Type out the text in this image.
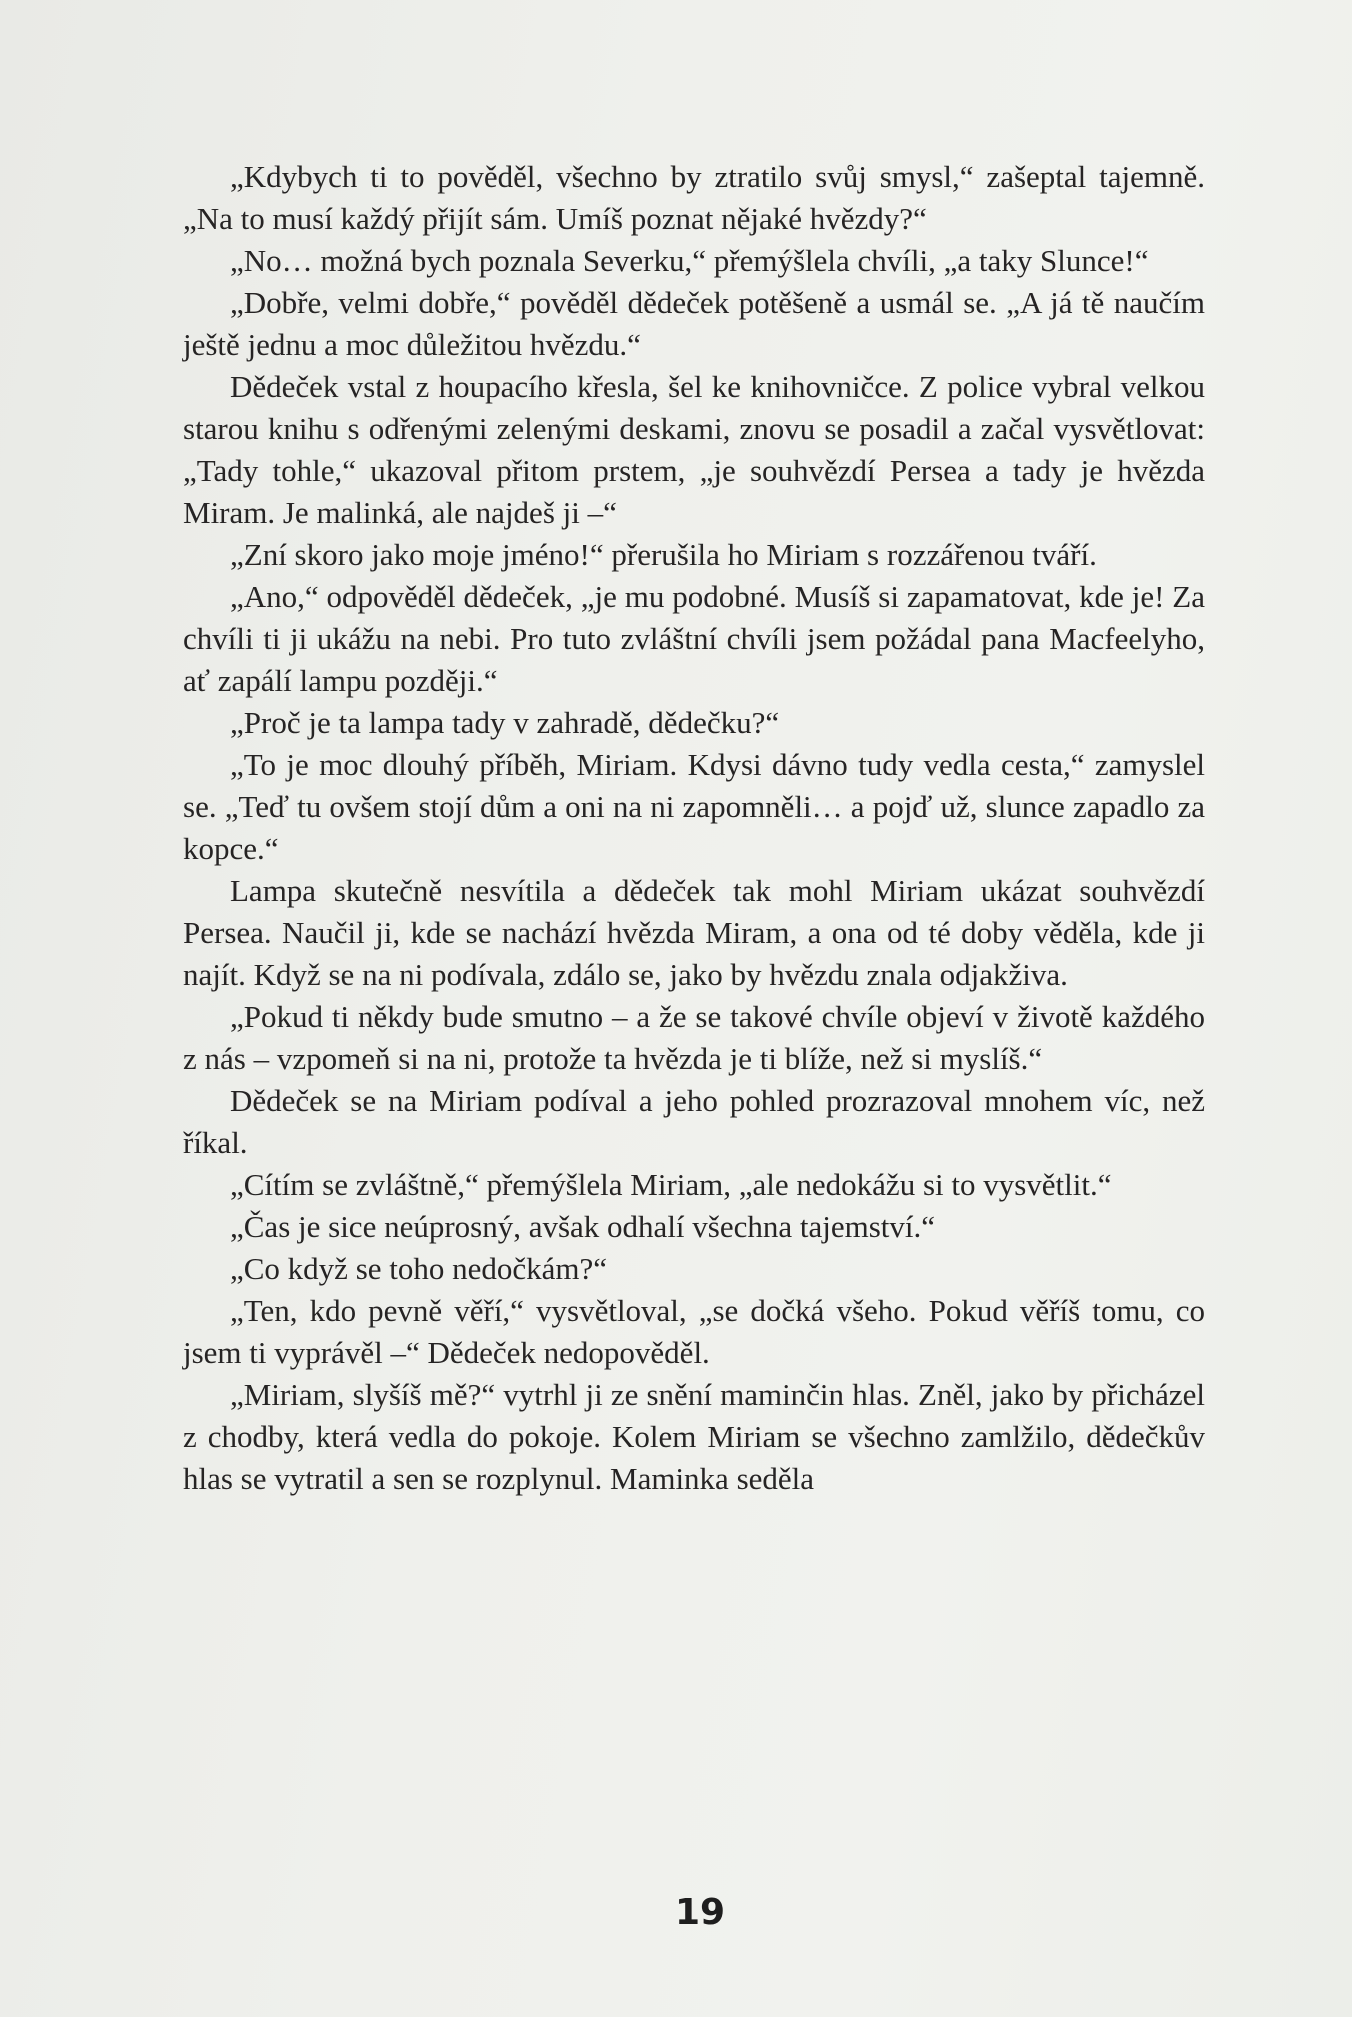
„Kdybych ti to pověděl, všechno by ztratilo svůj smysl,“ zašeptal tajemně. „Na to musí každý přijít sám. Umíš poznat nějaké hvězdy?“

„No… možná bych poznala Severku,“ přemýšlela chvíli, „a taky Slunce!“

„Dobře, velmi dobře,“ pověděl dědeček potěšeně a usmál se. „A já tě naučím ještě jednu a moc důležitou hvězdu.“

Dědeček vstal z houpacího křesla, šel ke knihovničce. Z police vybral velkou starou knihu s odřenými zelenými deskami, znovu se posadil a začal vysvětlovat: „Tady tohle,“ ukazoval přitom prstem, „je souhvězdí Persea a tady je hvězda Miram. Je malinká, ale najdeš ji –“

„Zní skoro jako moje jméno!“ přerušila ho Miriam s rozzářenou tváří.

„Ano,“ odpověděl dědeček, „je mu podobné. Musíš si zapamatovat, kde je! Za chvíli ti ji ukážu na nebi. Pro tuto zvláštní chvíli jsem požádal pana Macfeelyho, ať zapálí lampu později.“

„Proč je ta lampa tady v zahradě, dědečku?“

„To je moc dlouhý příběh, Miriam. Kdysi dávno tudy vedla cesta,“ zamyslel se. „Teď tu ovšem stojí dům a oni na ni zapomněli… a pojď už, slunce zapadlo za kopce.“

Lampa skutečně nesvítila a dědeček tak mohl Miriam ukázat souhvězdí Persea. Naučil ji, kde se nachází hvězda Miram, a ona od té doby věděla, kde ji najít. Když se na ni podívala, zdálo se, jako by hvězdu znala odjakživa.

„Pokud ti někdy bude smutno – a že se takové chvíle objeví v životě každého z nás – vzpomeň si na ni, protože ta hvězda je ti blíže, než si myslíš.“

Dědeček se na Miriam podíval a jeho pohled prozrazoval mnohem víc, než říkal.

„Cítím se zvláštně,“ přemýšlela Miriam, „ale nedokážu si to vysvětlit.“

„Čas je sice neúprosný, avšak odhalí všechna tajemství.“

„Co když se toho nedočkám?“

„Ten, kdo pevně věří,“ vysvětloval, „se dočká všeho. Pokud věříš tomu, co jsem ti vyprávěl –“ Dědeček nedopověděl.

„Miriam, slyšíš mě?“ vytrhl ji ze snění maminčin hlas. Zněl, jako by přicházel z chodby, která vedla do pokoje. Kolem Miriam se všechno zamlžilo, dědečkův hlas se vytratil a sen se rozplynul. Maminka seděla

19
